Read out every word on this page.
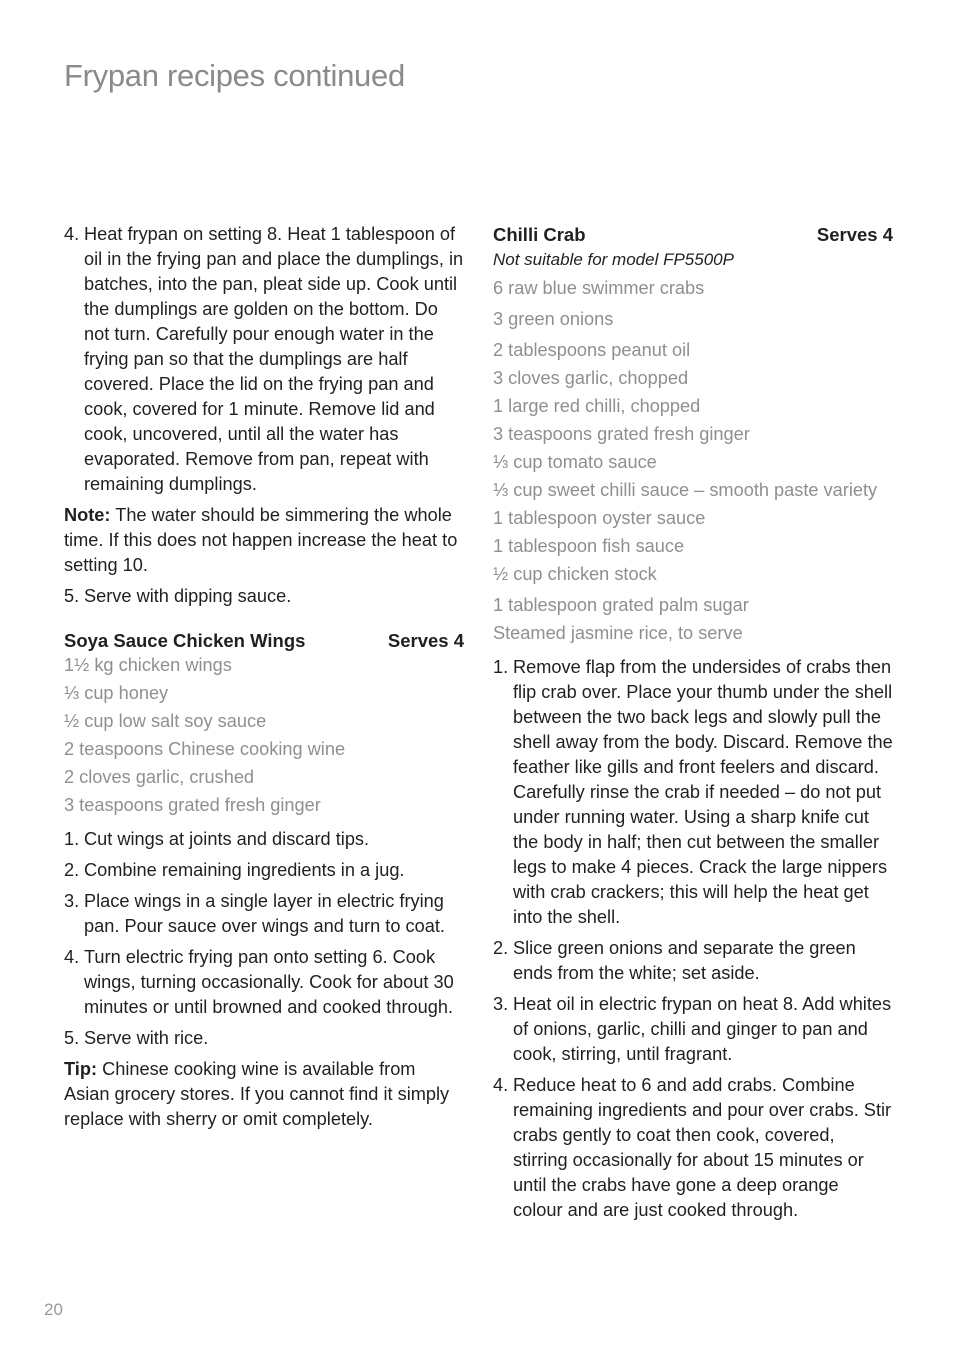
Frypan recipes continued
4. Heat frypan on setting 8. Heat 1 tablespoon of oil in the frying pan and place the dumplings, in batches, into the pan, pleat side up. Cook until the dumplings are golden on the bottom. Do not turn. Carefully pour enough water in the frying pan so that the dumplings are half covered. Place the lid on the frying pan and cook, covered for 1 minute. Remove lid and cook, uncovered, until all the water has evaporated. Remove from pan, repeat with remaining dumplings.

Note: The water should be simmering the whole time. If this does not happen increase the heat to setting 10.

5. Serve with dipping sauce.
Soya Sauce Chicken Wings	Serves 4
1½ kg chicken wings
⅓ cup honey
½ cup low salt soy sauce
2 teaspoons Chinese cooking wine
2 cloves garlic, crushed
3 teaspoons grated fresh ginger
1. Cut wings at joints and discard tips.
2. Combine remaining ingredients in a jug.
3. Place wings in a single layer in electric frying pan. Pour sauce over wings and turn to coat.
4. Turn electric frying pan onto setting 6. Cook wings, turning occasionally. Cook for about 30 minutes or until browned and cooked through.
5. Serve with rice.

Tip: Chinese cooking wine is available from Asian grocery stores. If you cannot find it simply replace with sherry or omit completely.

Chilli Crab	Serves 4

Not suitable for model FP5500P

6 raw blue swimmer crabs
3 green onions
2 tablespoons peanut oil
3 cloves garlic, chopped
1 large red chilli, chopped
3 teaspoons grated fresh ginger
⅓ cup tomato sauce
⅓ cup sweet chilli sauce – smooth paste variety
1 tablespoon oyster sauce
1 tablespoon fish sauce
½ cup chicken stock
1 tablespoon grated palm sugar
Steamed jasmine rice, to serve
1. Remove flap from the undersides of crabs then flip crab over. Place your thumb under the shell between the two back legs and slowly pull the shell away from the body. Discard. Remove the feather like gills and front feelers and discard. Carefully rinse the crab if needed – do not put under running water. Using a sharp knife cut the body in half; then cut between the smaller legs to make 4 pieces. Crack the large nippers with crab crackers; this will help the heat get into the shell.
2. Slice green onions and separate the green ends from the white; set aside.
3. Heat oil in electric frypan on heat 8. Add whites of onions, garlic, chilli and ginger to pan and cook, stirring, until fragrant.
4. Reduce heat to 6 and add crabs. Combine remaining ingredients and pour over crabs. Stir crabs gently to coat then cook, covered, stirring occasionally for about 15 minutes or until the crabs have gone a deep orange colour and are just cooked through.
20
